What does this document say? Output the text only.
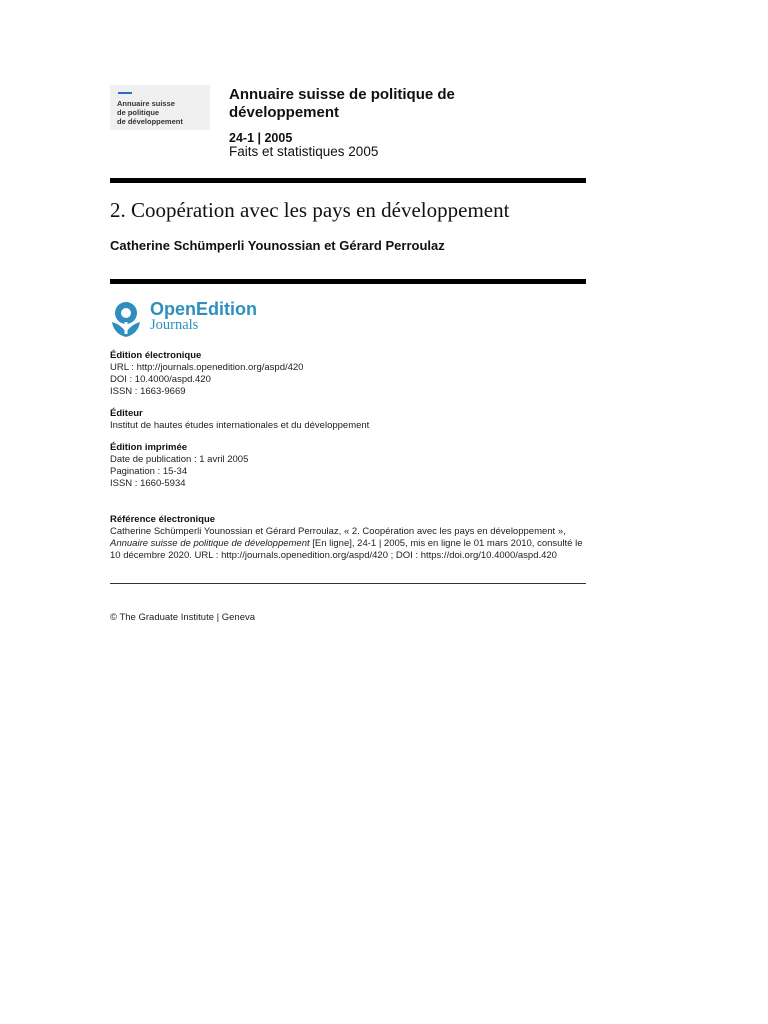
Annuaire suisse
de politique
de développement
Annuaire suisse de politique de développement
24-1 | 2005
Faits et statistiques 2005
2. Coopération avec les pays en développement
Catherine Schümperli Younossian et Gérard Perroulaz
OpenEdition
Journals
Édition électronique
URL : http://journals.openedition.org/aspd/420
DOI : 10.4000/aspd.420
ISSN : 1663-9669
Éditeur
Institut de hautes études internationales et du développement
Édition imprimée
Date de publication : 1 avril 2005
Pagination : 15-34
ISSN : 1660-5934
Référence électronique
Catherine Schümperli Younossian et Gérard Perroulaz, « 2. Coopération avec les pays en développement », Annuaire suisse de politique de développement [En ligne], 24-1 | 2005, mis en ligne le 01 mars 2010, consulté le 10 décembre 2020. URL : http://journals.openedition.org/aspd/420 ; DOI : https://doi.org/10.4000/aspd.420
© The Graduate Institute | Geneva
